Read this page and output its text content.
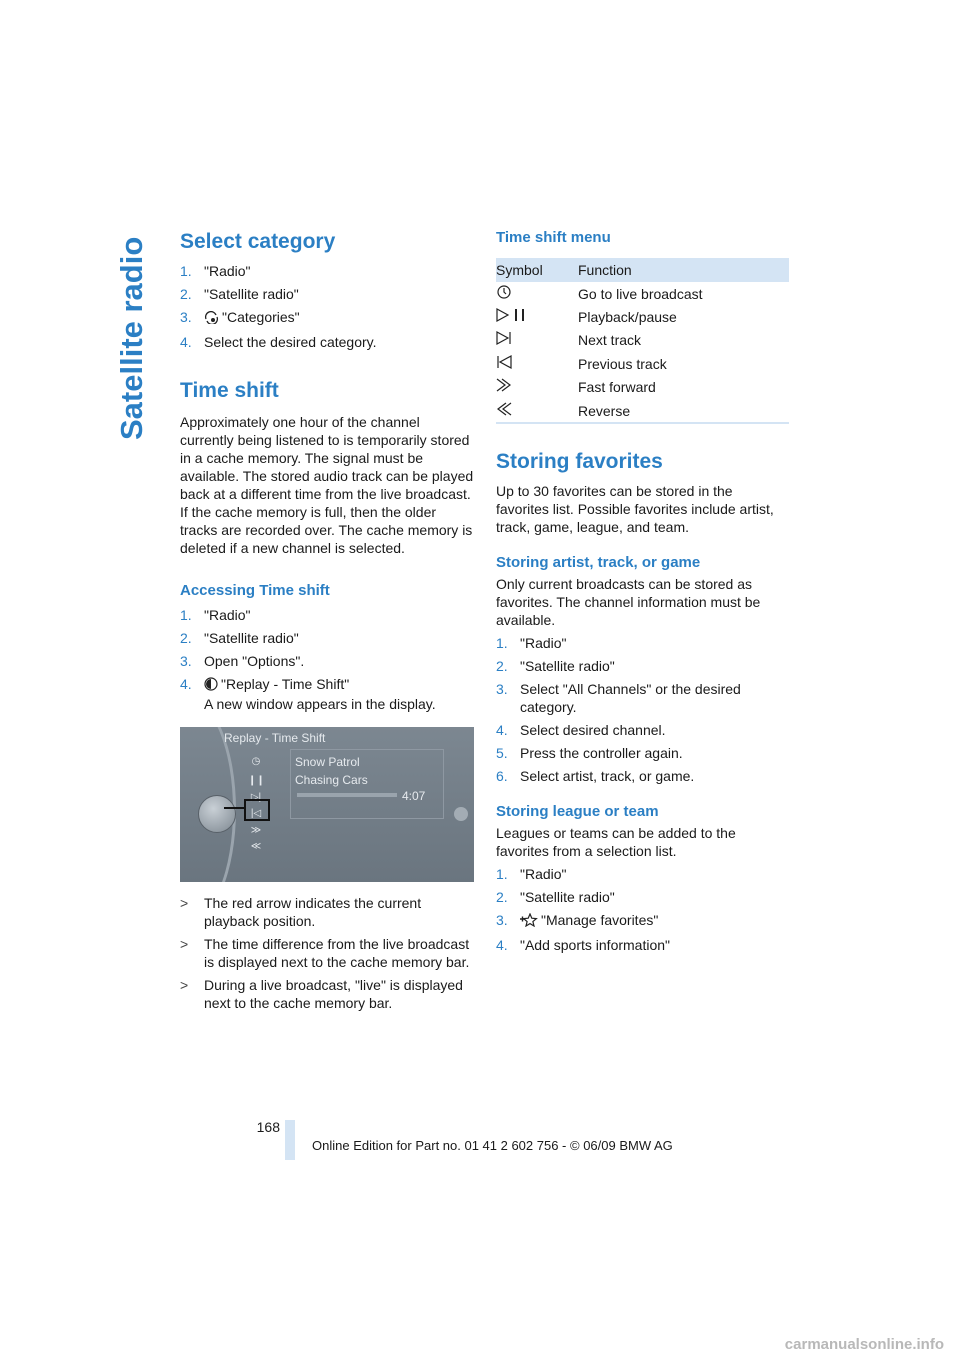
Satellite radio Select category
1. "Radio"
2. "Satellite radio"
3. "Categories"
4. Select the desired category.
Time shift

Approximately one hour of the channel currently being listened to is temporarily stored in a cache memory. The signal must be available. The stored audio track can be played back at a different time from the live broadcast. If the cache memory is full, then the older tracks are recorded over. The cache memory is deleted if a new channel is selected.

Accessing Time shift
1. "Radio"
2. "Satellite radio"
3. Open "Options".
4. "Replay - Time Shift"
A new window appears in the display.
Replay - Time Shift
◷
❙❙
▷|
|◁
≫
≪
Snow Patrol
Chasing Cars
4:07
> The red arrow indicates the current playback position.
> The time difference from the live broadcast is displayed next to the cache memory bar.
> During a live broadcast, "live" is displayed next to the cache memory bar.
Time shift menu
Symbol	Function
	Go to live broadcast
	Playback/pause
	Next track
	Previous track
	Fast forward
	Reverse
Storing favorites

Up to 30 favorites can be stored in the favorites list. Possible favorites include artist, track, game, league, and team.

Storing artist, track, or game

Only current broadcasts can be stored as favorites. The channel information must be available.

1. "Radio"
2. "Satellite radio"
3. Select "All Channels" or the desired category.
4. Select desired channel.
5. Press the controller again.
6. Select artist, track, or game.
Storing league or team

Leagues or teams can be added to the favorites from a selection list.

1. "Radio"
2. "Satellite radio"
3. "Manage favorites"
4. "Add sports information"
168
Online Edition for Part no. 01 41 2 602 756 - © 06/09 BMW AG
carmanualsonline.info
